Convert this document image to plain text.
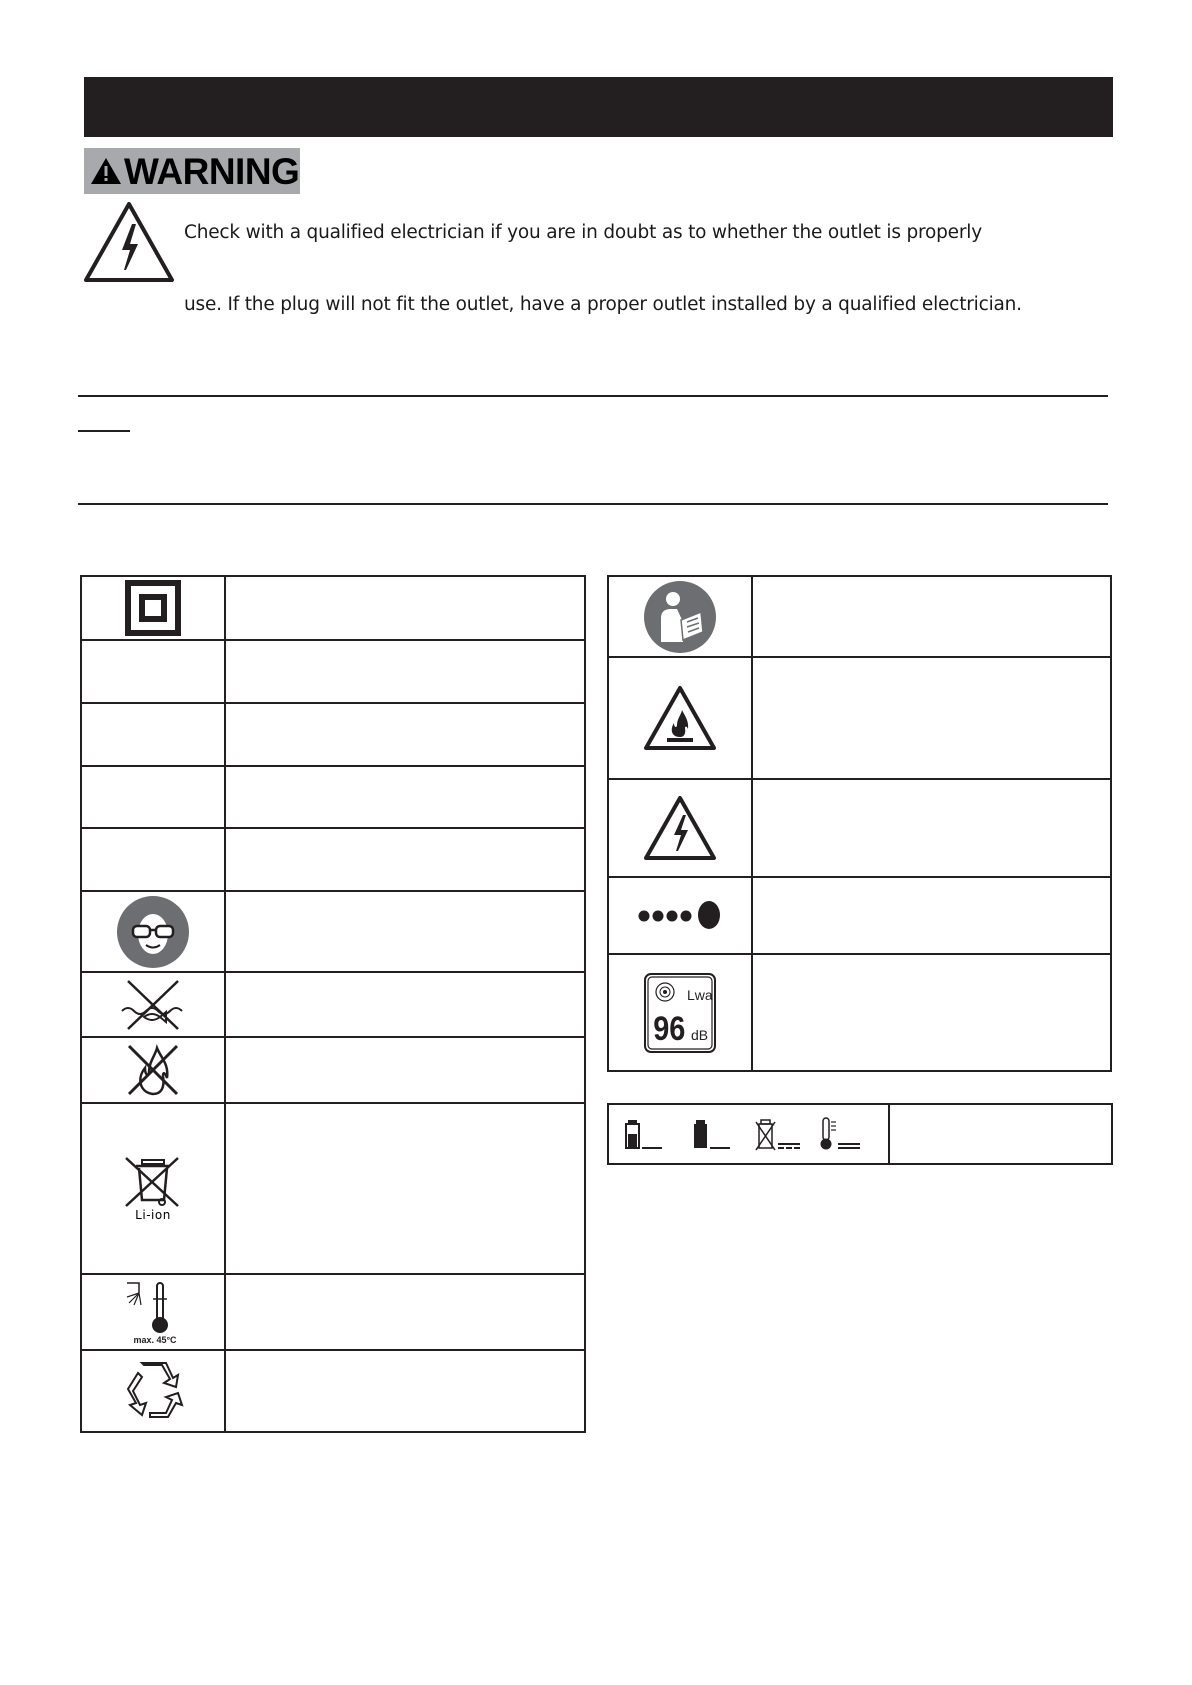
WARNING
Check with a qualified electrician if you are in doubt as to whether the outlet is properly
use. If the plug will not fit the outlet, have a proper outlet installed by a qualified electrician.

Li-ion	

max. 45°C	

Lwa
96 dB	
